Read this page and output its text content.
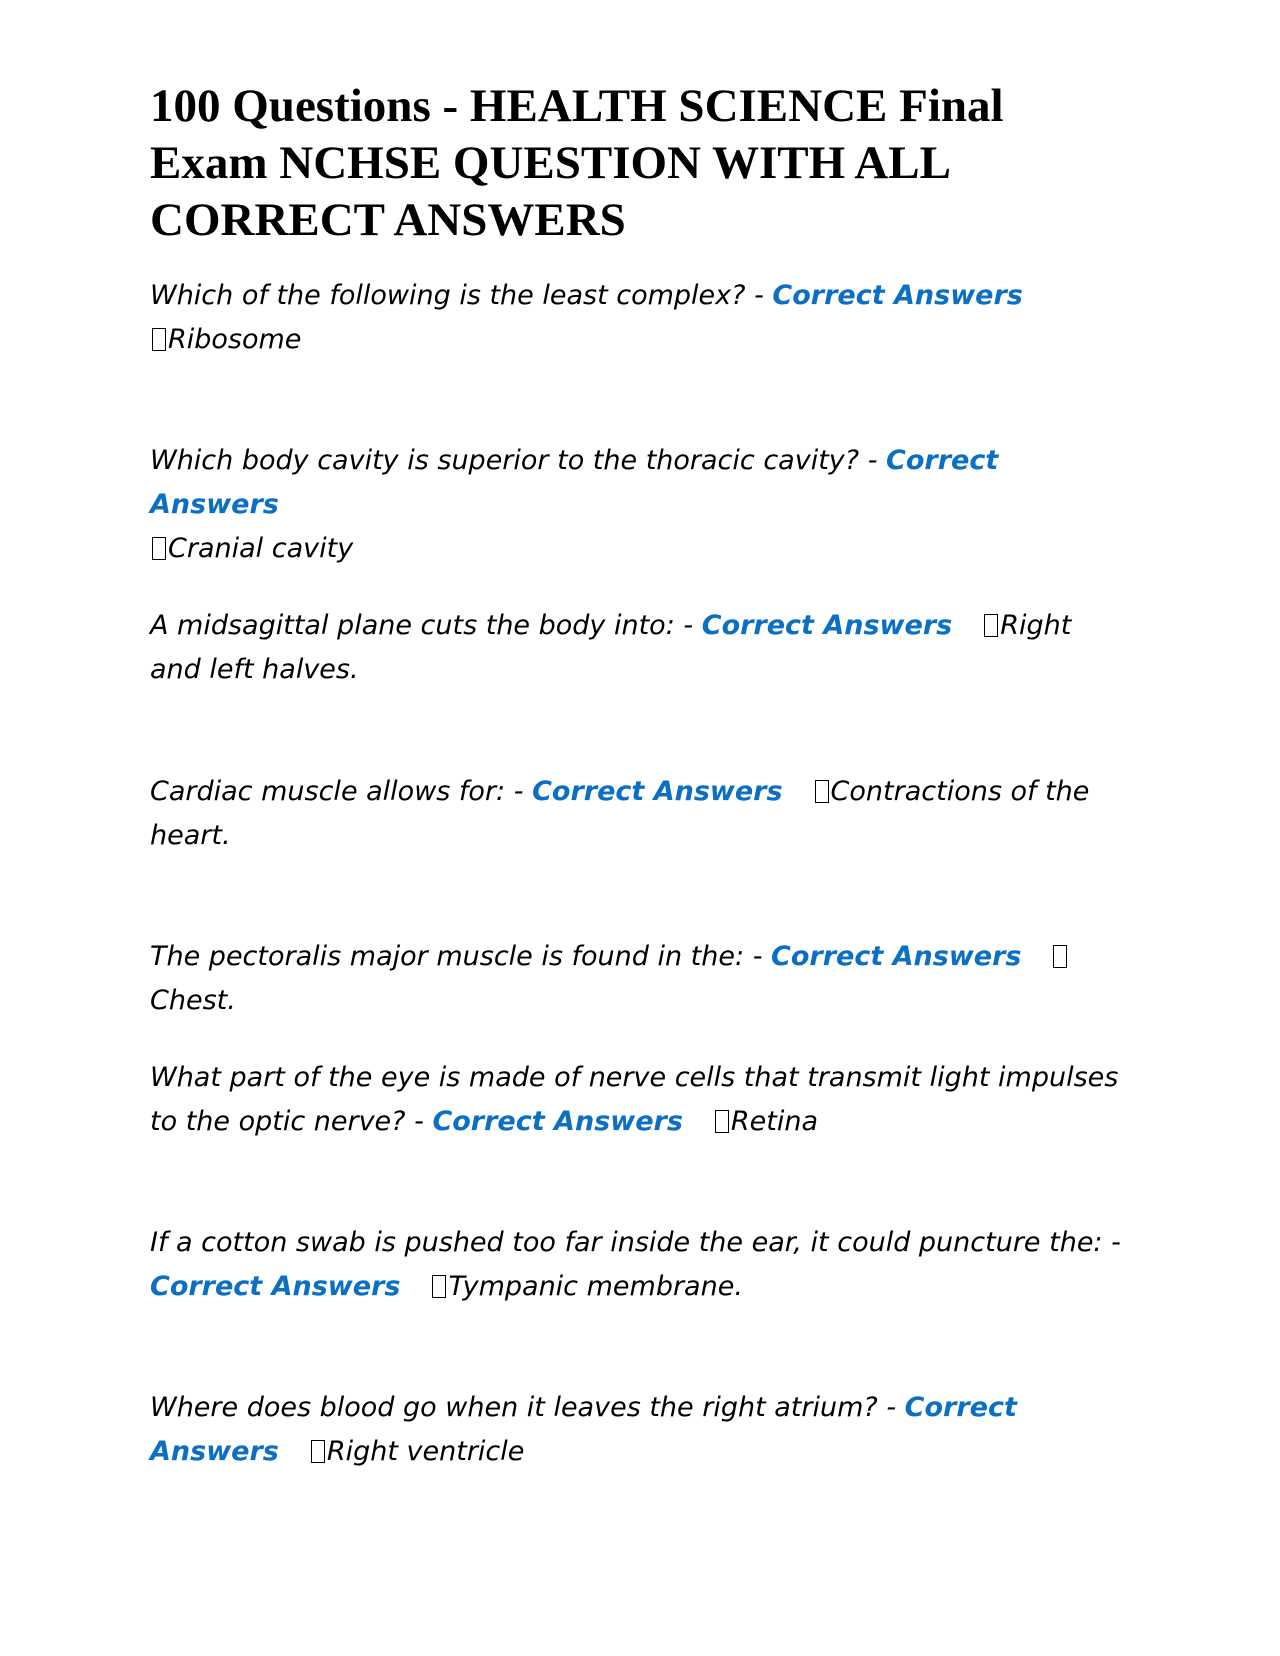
100 Questions - HEALTH SCIENCE Final Exam NCHSE QUESTION WITH ALL CORRECT ANSWERS

Which of the following is the least complex? - Correct Answers
Ribosome

Which body cavity is superior to the thoracic cavity? - Correct Answers
Cranial cavity

A midsagittal plane cuts the body into: - Correct Answers Right and left halves.

Cardiac muscle allows for: - Correct Answers Contractions of the heart.

The pectoralis major muscle is found in the: - Correct AnswersChest.

What part of the eye is made of nerve cells that transmit light impulses to the optic nerve? - Correct Answers Retina

If a cotton swab is pushed too far inside the ear, it could puncture the: - Correct Answers Tympanic membrane.

Where does blood go when it leaves the right atrium? - Correct Answers Right ventricle
